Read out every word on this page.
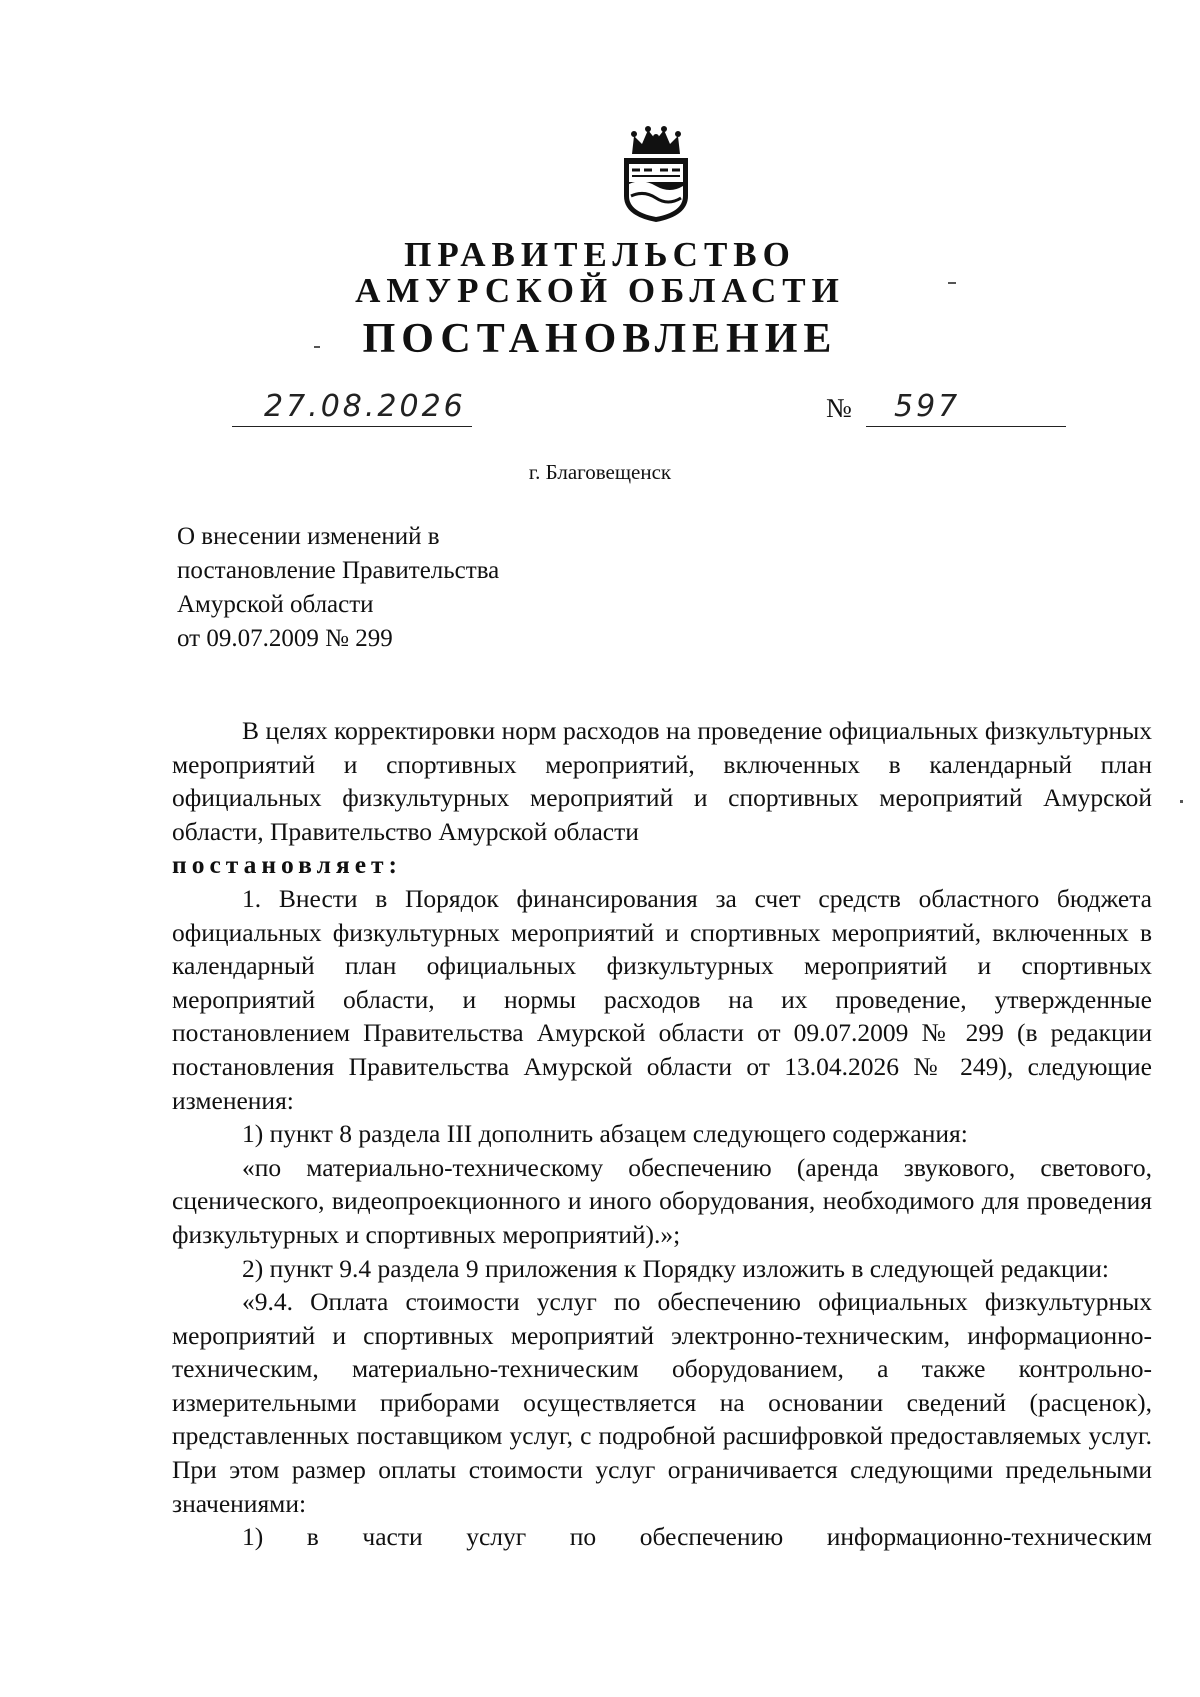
ПРАВИТЕЛЬСТВО
АМУРСКОЙ ОБЛАСТИ
ПОСТАНОВЛЕНИЕ
27.08.2026	№ 597
г. Благовещенск
О внесении изменений в
постановление Правительства
Амурской области
от 09.07.2009 № 299

В целях корректировки норм расходов на проведение официальных физкультурных мероприятий и спортивных мероприятий, включенных в календарный план официальных физкультурных мероприятий и спортивных мероприятий Амурской области, Правительство Амурской области

постановляет:

1. Внести в Порядок финансирования за счет средств областного бюджета официальных физкультурных мероприятий и спортивных мероприятий, включенных в календарный план официальных физкультурных мероприятий и спортивных мероприятий области, и нормы расходов на их проведение, утвержденные постановлением Правительства Амурской области от 09.07.2009 № 299 (в редакции постановления Правительства Амурской области от 13.04.2026 № 249), следующие изменения:

1) пункт 8 раздела III дополнить абзацем следующего содержания:

«по материально-техническому обеспечению (аренда звукового, светового, сценического, видеопроекционного и иного оборудования, необходимого для проведения физкультурных и спортивных мероприятий).»;

2) пункт 9.4 раздела 9 приложения к Порядку изложить в следующей редакции:

«9.4. Оплата стоимости услуг по обеспечению официальных физкультурных мероприятий и спортивных мероприятий электронно-техническим, информационно-техническим, материально-техническим оборудованием, а также контрольно-измерительными приборами осуществляется на основании сведений (расценок), представленных поставщиком услуг, с подробной расшифровкой предоставляемых услуг. При этом размер оплаты стоимости услуг ограничивается следующими предельными значениями:

1) в части услуг по обеспечению информационно-техническим
